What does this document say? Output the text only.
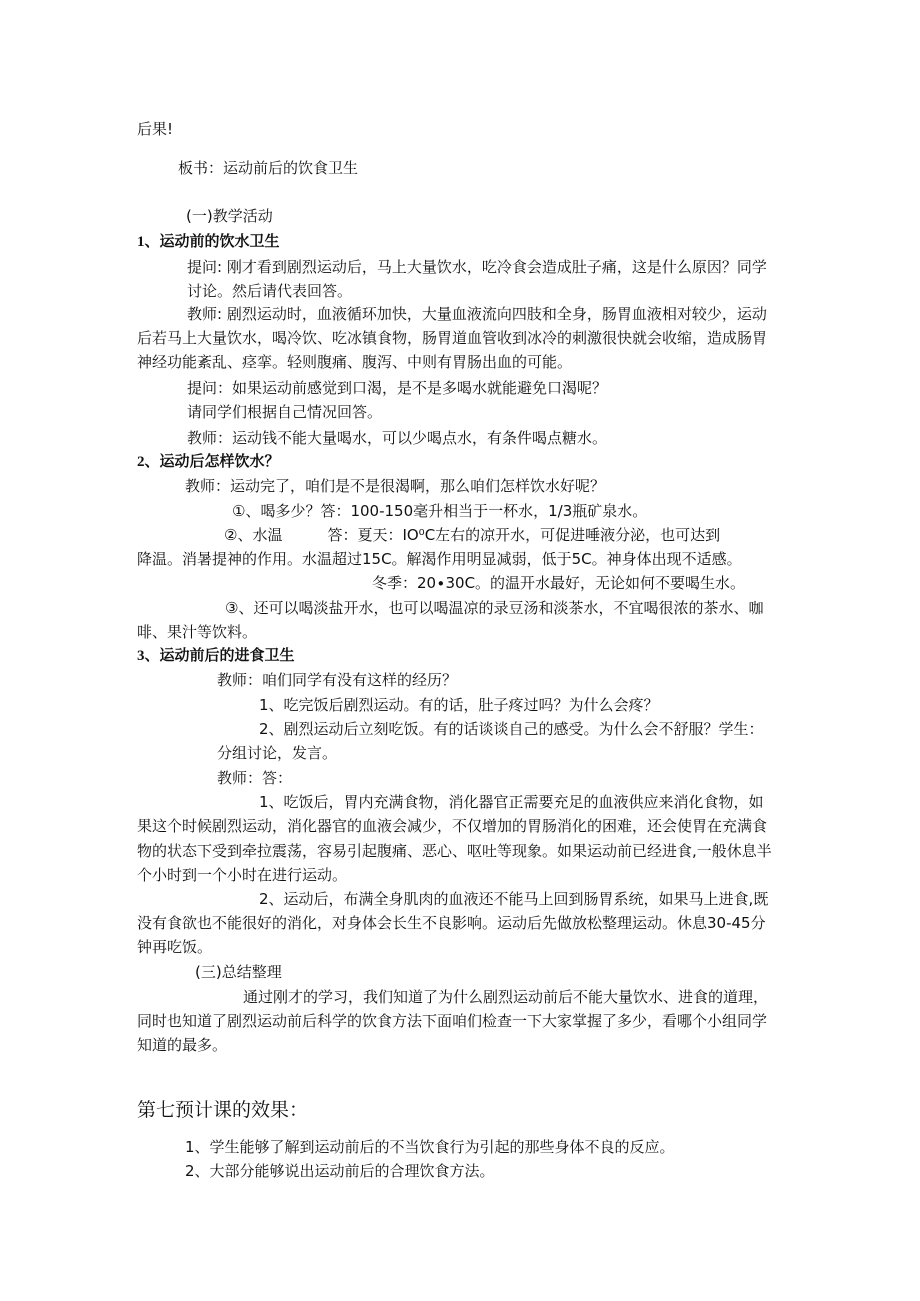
后果!
板书：运动前后的饮食卫生
(一)教学活动
1、运动前的饮水卫生
提问: 刚才看到剧烈运动后，马上大量饮水，吃冷食会造成肚子痛，这是什么原因？同学
讨论。然后请代表回答。
教师: 剧烈运动时，血液循环加快，大量血液流向四肢和全身，肠胃血液相对较少，运动
后若马上大量饮水，喝冷饮、吃冰镇食物，肠胃道血管收到冰冷的刺激很快就会收缩，造成肠胃
神经功能紊乱、痉挛。轻则腹痛、腹泻、中则有胃肠出血的可能。
提问：如果运动前感觉到口渴，是不是多喝水就能避免口渴呢？
请同学们根据自己情况回答。
教师：运动钱不能大量喝水，可以少喝点水，有条件喝点糖水。
2、运动后怎样饮水？
教师：运动完了，咱们是不是很渴啊，那么咱们怎样饮水好呢？
①、喝多少？答：100-150毫升相当于一杯水，1/3瓶矿泉水。
②、水温　　　答：夏天：IO⁰C左右的凉开水，可促进唾液分泌，也可达到
降温。消暑提神的作用。水温超过15C。解渴作用明显减弱，低于5C。神身体出现不适感。
冬季：20∙30C。的温开水最好，无论如何不要喝生水。
③、还可以喝淡盐开水，也可以喝温凉的录豆汤和淡茶水，不宜喝很浓的茶水、咖
啡、果汁等饮料。
3、运动前后的进食卫生
教师：咱们同学有没有这样的经历？
1、吃完饭后剧烈运动。有的话，肚子疼过吗？为什么会疼？
2、剧烈运动后立刻吃饭。有的话谈谈自己的感受。为什么会不舒服？学生：
分组讨论，发言。
教师：答：
1、吃饭后，胃内充满食物，消化器官正需要充足的血液供应来消化食物，如
果这个时候剧烈运动，消化器官的血液会减少，不仅增加的胃肠消化的困难，还会使胃在充满食
物的状态下受到牵拉震荡，容易引起腹痛、恶心、呕吐等现象。如果运动前已经进食,一般休息半
个小时到一个小时在进行运动。
2、运动后，布满全身肌肉的血液还不能马上回到肠胃系统，如果马上进食,既
没有食欲也不能很好的消化，对身体会长生不良影响。运动后先做放松整理运动。休息30-45分
钟再吃饭。
(三)总结整理
通过刚才的学习，我们知道了为什么剧烈运动前后不能大量饮水、进食的道理，
同时也知道了剧烈运动前后科学的饮食方法下面咱们检查一下大家掌握了多少，看哪个小组同学
知道的最多。
第七预计课的效果：
1、学生能够了解到运动前后的不当饮食行为引起的那些身体不良的反应。
2、大部分能够说出运动前后的合理饮食方法。
